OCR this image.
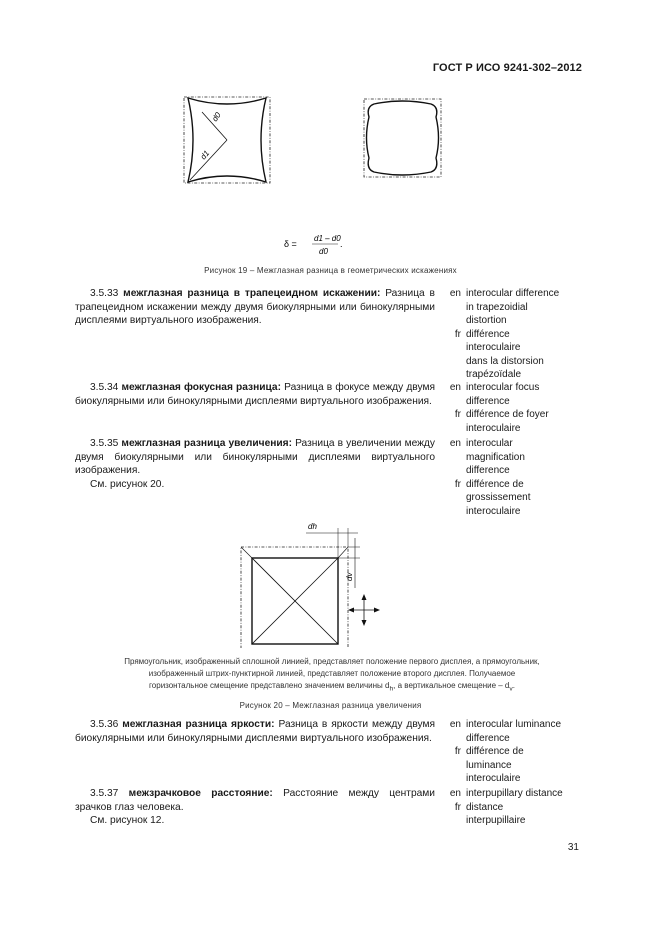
ГОСТ Р ИСО 9241-302–2012
d0
d1
δ =
d1 – d0
d0
.
Рисунок 19 – Межглазная разница в геометрических искажениях

3.5.33 межглазная разница в трапецеидном искажении: Разница в трапецеидном искажении между двумя биокулярными или бинокулярными дисплеями виртуального изображения.

en interocular difference
in trapezoidial
distortion
fr différence
interoculaire
dans la distorsion
trapézoïdale

3.5.34 межглазная фокусная разница: Разница в фокусе между двумя биокулярными или бинокулярными дисплеями виртуального изображения.

en interocular focus
difference
fr différence de foyer
interoculaire

3.5.35 межглазная разница увеличения: Разница в увеличении между двумя биокулярными или бинокулярными дисплеями виртуального изображения.

См. рисунок 20.

en interocular
magnification
difference
fr différence de
grossissement
interoculaire
dh
dv
Прямоугольник, изображенный сплошной линией, представляет положение первого дисплея, а прямоугольник,
изображенный штрих-пунктирной линией, представляет положение второго дисплея. Получаемое
горизонтальное смещение представлено значением величины $d_h$, а вертикальное смещение – $d_v$.
Рисунок 20 – Межглазная разница увеличения

3.5.36 межглазная разница яркости: Разница в яркости между двумя биокулярными или бинокулярными дисплеями виртуального изображения.

en interocular luminance
difference
fr différence de
luminance
interoculaire

3.5.37 межзрачковое расстояние: Расстояние между центрами зрачков глаз человека.

См. рисунок 12.

en interpupillary distance
fr distance
interpupillaire
31
